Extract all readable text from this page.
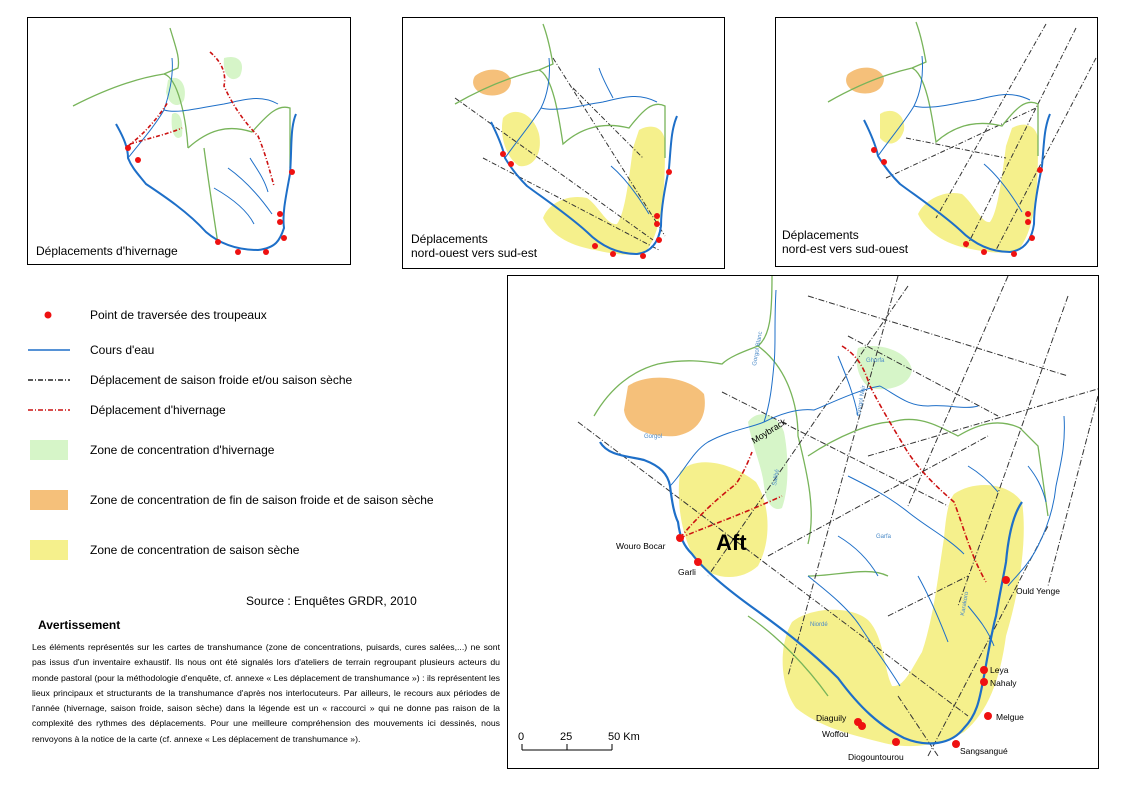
Déplacements d'hivernage
Déplacements
nord-ouest vers sud-est
Déplacements
nord-est vers sud-ouest
Point de traversée des troupeaux
Cours d'eau
Déplacement de saison froide et/ou saison sèche
Déplacement d'hivernage
Zone de concentration d'hivernage
Zone de concentration de fin de saison froide et de saison sèche
Zone de concentration de saison sèche
Source : Enquêtes GRDR, 2010
Avertissement
Les éléments représentés sur les cartes de transhumance (zone de concentrations, puisards, cures salées,...) ne sont pas issus d'un inventaire exhaustif. Ils nous ont été signalés lors d'ateliers de terrain regroupant plusieurs acteurs du monde pastoral (pour la méthodologie d'enquête, cf. annexe « Les déplacement de transhumance ») : ils représentent les lieux principaux et structurants de la transhumance d'après nos interlocuteurs. Par ailleurs, le recours aux périodes de l'année (hivernage, saison froide, saison sèche) dans la légende est un « raccourci » qui ne donne pas raison de la complexité des rythmes des déplacements. Pour une meilleure compréhension des mouvements ici dessinés, nous renvoyons à la notice de la carte (cf. annexe « Les déplacement de transhumance »).
Gorgol
Gorgol Blanc
Gorgol Noir
Ghorfa
Salihé
Garfa
Niordé
Karakoro
Moybrack
Aft
Wouro Bocar
Garli
Ould Yenge
Leya
Nahaly
Melgue
Diaguily
Woffou
Diogountourou
Sangsangué
0	25	50 Km
